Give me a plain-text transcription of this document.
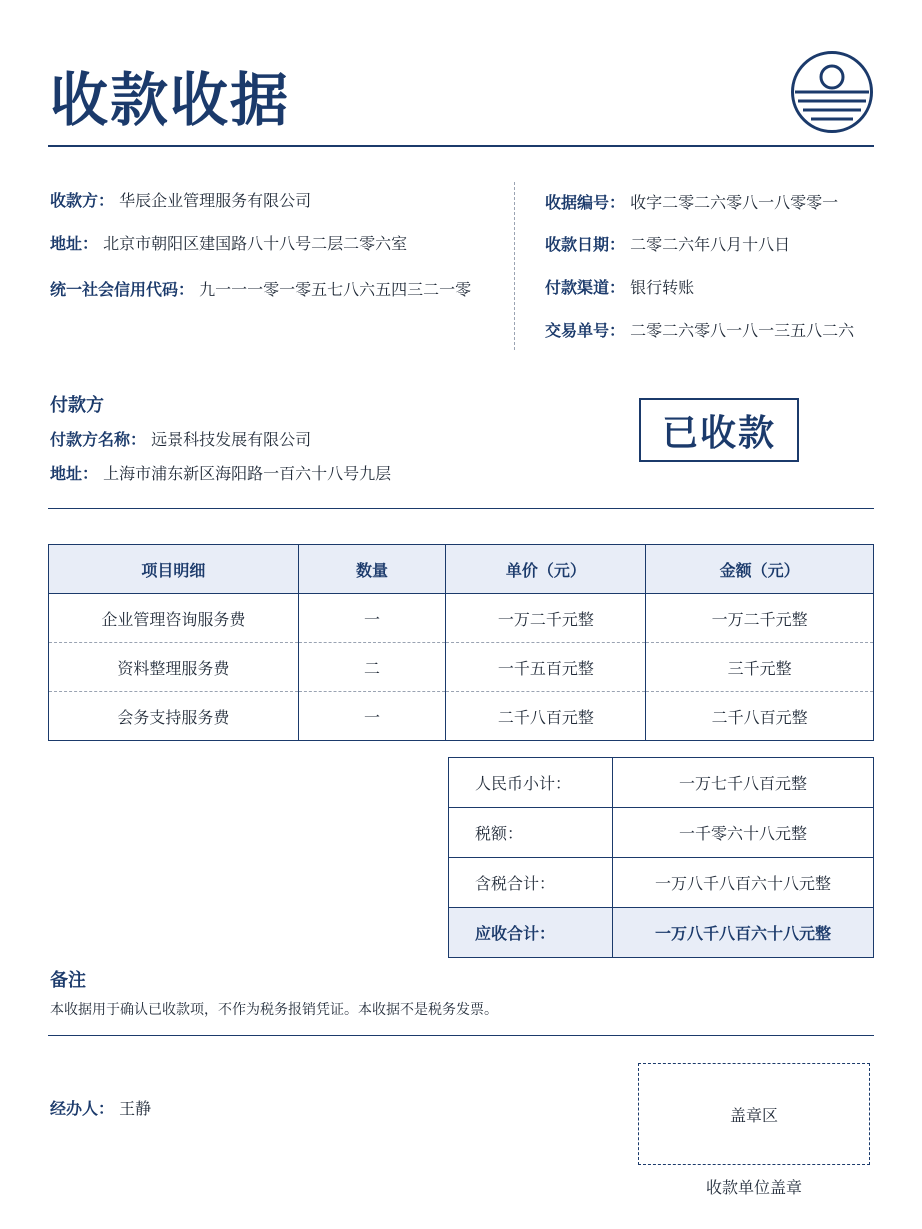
收款收据
收款方： 华辰企业管理服务有限公司
地址： 北京市朝阳区建国路八十八号二层二零六室
统一社会信用代码： 九一一一零一零五七八六五四三二一零
收据编号： 收字二零二六零八一八零零一
收款日期： 二零二六年八月十八日
付款渠道： 银行转账
交易单号： 二零二六零八一八一三五八二六
付款方
付款方名称： 远景科技发展有限公司
地址： 上海市浦东新区海阳路一百六十八号九层
已收款
项目明细	数量	单价（元）	金额（元）
企业管理咨询服务费	一	一万二千元整	一万二千元整
资料整理服务费	二	一千五百元整	三千元整
会务支持服务费	一	二千八百元整	二千八百元整
人民币小计：	一万七千八百元整
税额：	一千零六十八元整
含税合计：	一万八千八百六十八元整
应收合计：	一万八千八百六十八元整
备注
本收据用于确认已收款项，不作为税务报销凭证。本收据不是税务发票。
经办人： 王静	盖章区
收款单位盖章
